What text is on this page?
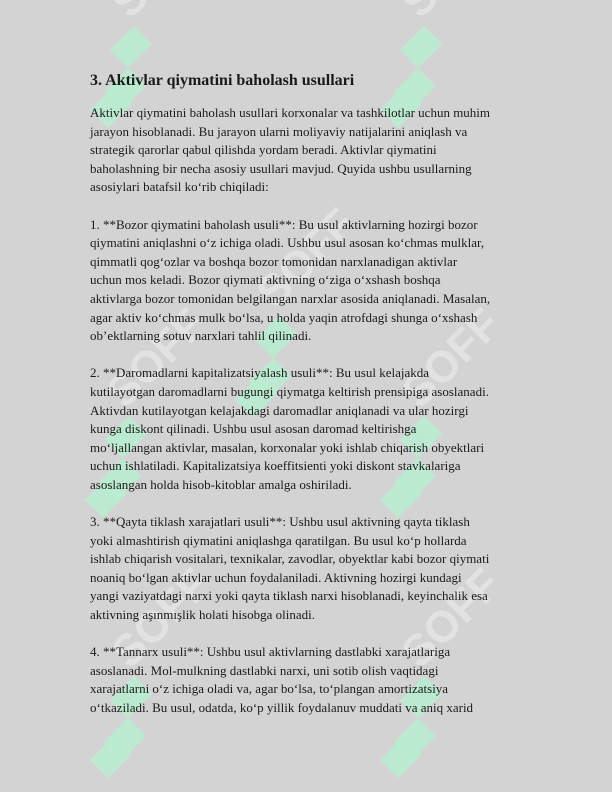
3. Aktivlar qiymatini baholash usullari

Aktivlar qiymatini baholash usullari korxonalar va tashkilotlar uchun muhim
jarayon hisoblanadi. Bu jarayon ularni moliyaviy natijalarini aniqlash va
strategik qarorlar qabul qilishda yordam beradi. Aktivlar qiymatini
baholashning bir necha asosiy usullari mavjud. Quyida ushbu usullarning
asosiylari batafsil ko‘rib chiqiladi:

1. **Bozor qiymatini baholash usuli**: Bu usul aktivlarning hozirgi bozor
qiymatini aniqlashni o‘z ichiga oladi. Ushbu usul asosan ko‘chmas mulklar,
qimmatli qog‘ozlar va boshqa bozor tomonidan narxlanadigan aktivlar
uchun mos keladi. Bozor qiymati aktivning o‘ziga o‘xshash boshqa
aktivlarga bozor tomonidan belgilangan narxlar asosida aniqlanadi. Masalan,
agar aktiv ko‘chmas mulk bo‘lsa, u holda yaqin atrofdagi shunga o‘xshash
ob’ektlarning sotuv narxlari tahlil qilinadi.

2. **Daromadlarni kapitalizatsiyalash usuli**: Bu usul kelajakda
kutilayotgan daromadlarni bugungi qiymatga keltirish prensipiga asoslanadi.
Aktivdan kutilayotgan kelajakdagi daromadlar aniqlanadi va ular hozirgi
kunga diskont qilinadi. Ushbu usul asosan daromad keltirishga
mo‘ljallangan aktivlar, masalan, korxonalar yoki ishlab chiqarish obyektlari
uchun ishlatiladi. Kapitalizatsiya koeffitsienti yoki diskont stavkalariga
asoslangan holda hisob-kitoblar amalga oshiriladi.

3. **Qayta tiklash xarajatlari usuli**: Ushbu usul aktivning qayta tiklash
yoki almashtirish qiymatini aniqlashga qaratilgan. Bu usul ko‘p hollarda
ishlab chiqarish vositalari, texnikalar, zavodlar, obyektlar kabi bozor qiymati
noaniq bo‘lgan aktivlar uchun foydalaniladi. Aktivning hozirgi kundagi
yangi vaziyatdagi narxi yoki qayta tiklash narxi hisoblanadi, keyinchalik esa
aktivning aşınmışlik holati hisobga olinadi.

4. **Tannarx usuli**: Ushbu usul aktivlarning dastlabki xarajatlariga
asoslanadi. Mol-mulkning dastlabki narxi, uni sotib olish vaqtidagi
xarajatlarni o‘z ichiga oladi va, agar bo‘lsa, to‘plangan amortizatsiya
o‘tkaziladi. Bu usul, odatda, ko‘p yillik foydalanuv muddati va aniq xarid
